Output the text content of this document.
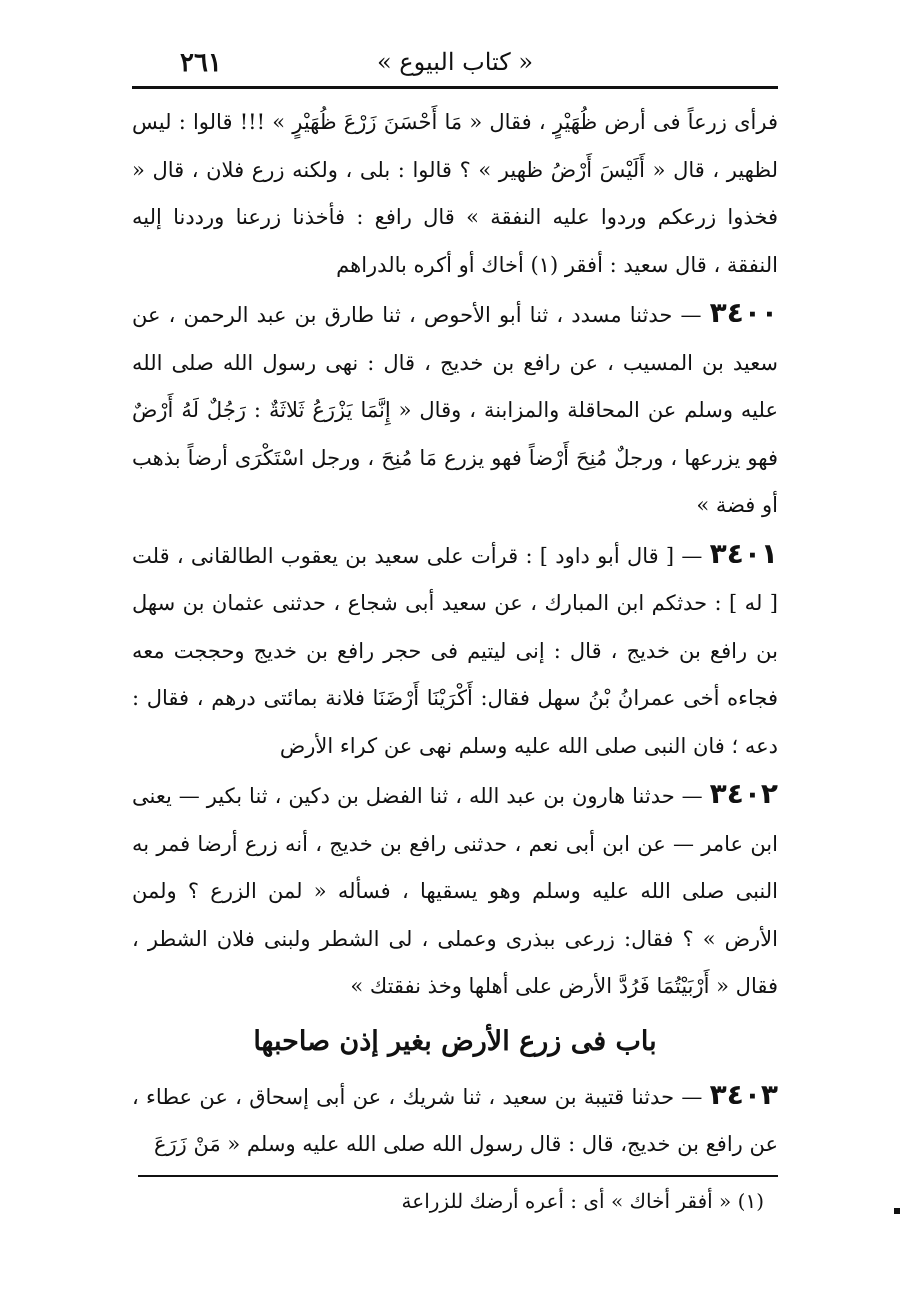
٢٦١	« كتاب البيوع »

فرأى زرعاً فى أرض ظُهَيْرٍ ، فقال « مَا أَحْسَنَ زَرْعَ ظُهَيْرٍ » !!! قالوا : ليس لظهير ، قال « أَلَيْسَ أَرْضُ ظهير » ؟ قالوا : بلى ، ولكنه زرع فلان ، قال « فخذوا زرعكم وردوا عليه النفقة » قال رافع : فأخذنا زرعنا ورددنا إليه النفقة ، قال سعيد : أفقر (١) أخاك أو أكره بالدراهم

٣٤٠٠ — حدثنا مسدد ، ثنا أبو الأحوص ، ثنا طارق بن عبد الرحمن ، عن سعيد بن المسيب ، عن رافع بن خديج ، قال : نهى رسول الله صلى الله عليه وسلم عن المحاقلة والمزابنة ، وقال « إِنَّمَا يَزْرَعُ ثَلاثَةٌ : رَجُلٌ لَهُ أَرْضٌ فهو يزرعها ، ورجلٌ مُنِحَ أَرْضاً فهو يزرع مَا مُنِحَ ، ورجل اسْتَكْرَى أرضاً بذهب أو فضة »

٣٤٠١ — [ قال أبو داود ] : قرأت على سعيد بن يعقوب الطالقانى ، قلت [ له ] : حدثكم ابن المبارك ، عن سعيد أبى شجاع ، حدثنى عثمان بن سهل بن رافع بن خديج ، قال : إنى ليتيم فى حجر رافع بن خديج وحججت معه فجاءه أخى عمرانُ بْنُ سهل فقال: أَكْرَيْنَا أَرْضَنَا فلانة بمائتى درهم ، فقال : دعه ؛ فان النبى صلى الله عليه وسلم نهى عن كراء الأرض

٣٤٠٢ — حدثنا هارون بن عبد الله ، ثنا الفضل بن دكين ، ثنا بكير — يعنى ابن عامر — عن ابن أبى نعم ، حدثنى رافع بن خديج ، أنه زرع أرضا فمر به النبى صلى الله عليه وسلم وهو يسقيها ، فسأله « لمن الزرع ؟ ولمن الأرض » ؟ فقال: زرعى ببذرى وعملى ، لى الشطر ولبنى فلان الشطر ، فقال « أَرْبَيْتُمَا فَرُدَّ الأرض على أهلها وخذ نفقتك »

باب فى زرع الأرض بغير إذن صاحبها

٣٤٠٣ — حدثنا قتيبة بن سعيد ، ثنا شريك ، عن أبى إسحاق ، عن عطاء ، عن رافع بن خديج، قال : قال رسول الله صلى الله عليه وسلم « مَنْ زَرَعَ

(١) « أفقر أخاك » أى : أعره أرضك للزراعة
